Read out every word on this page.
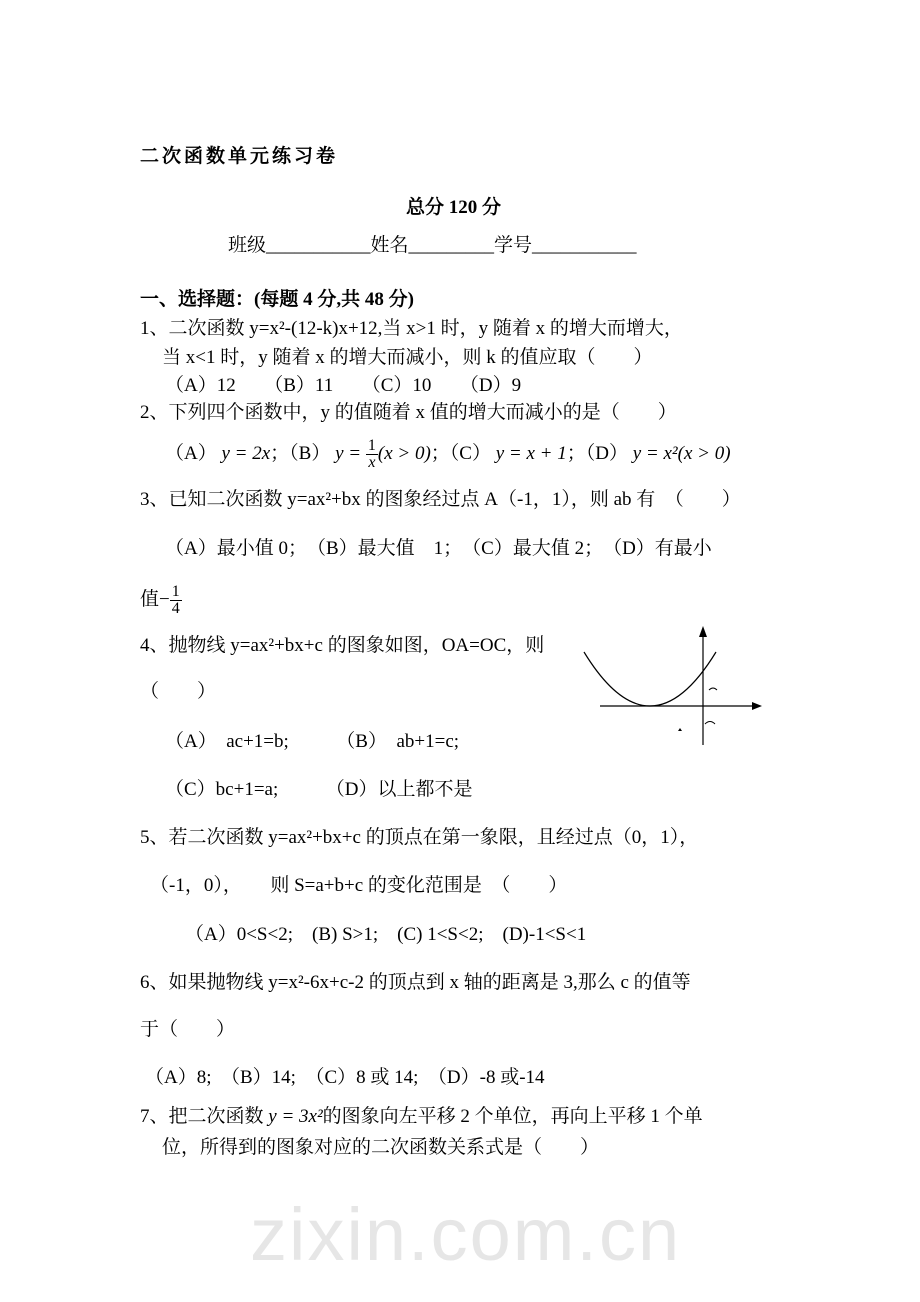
zixin.com.cn
二次函数单元练习卷
总分 120 分
班级___________姓名_________学号___________
一、选择题：(每题 4 分,共 48 分)
1、二次函数 y=x²-(12-k)x+12,当 x>1 时，y 随着 x 的增大而增大，
当 x<1 时，y 随着 x 的增大而减小，则 k 的值应取（　　）
（A）12　　（B）11　　（C）10　　（D）9
2、下列四个函数中，y 的值随着 x 值的增大而减小的是（　　）
（A） y = 2x；（B） $y = \frac{1}{x} (x > 0)$；（C） y = x + 1；（D） y = x²(x > 0)
3、已知二次函数 y=ax²+bx 的图象经过点 A（-1，1），则 ab 有　（　　）
（A）最小值 0；　（B）最大值　1；　（C）最大值 2；　（D）有最小
值− $\frac{1}{4}$
4、抛物线 y=ax²+bx+c 的图象如图，OA=OC，则
（　　）
（A）　ac+1=b;　　　（B）　ab+1=c;
（C）bc+1=a;　　　（D）以上都不是
5、若二次函数 y=ax²+bx+c 的顶点在第一象限，且经过点（0，1），
（-1，0），　　则 S=a+b+c 的变化范围是　（　　）
（A）0<S<2;　(B) S>1;　(C) 1<S<2;　(D)-1<S<1
6、如果抛物线 y=x²-6x+c-2 的顶点到 x 轴的距离是 3,那么 c 的值等
于（　　）
（A）8;　（B）14;　（C）8 或 14;　（D）-8 或-14
7、把二次函数 y = 3x²的图象向左平移 2 个单位，再向上平移 1 个单
位，所得到的图象对应的二次函数关系式是（　　）
